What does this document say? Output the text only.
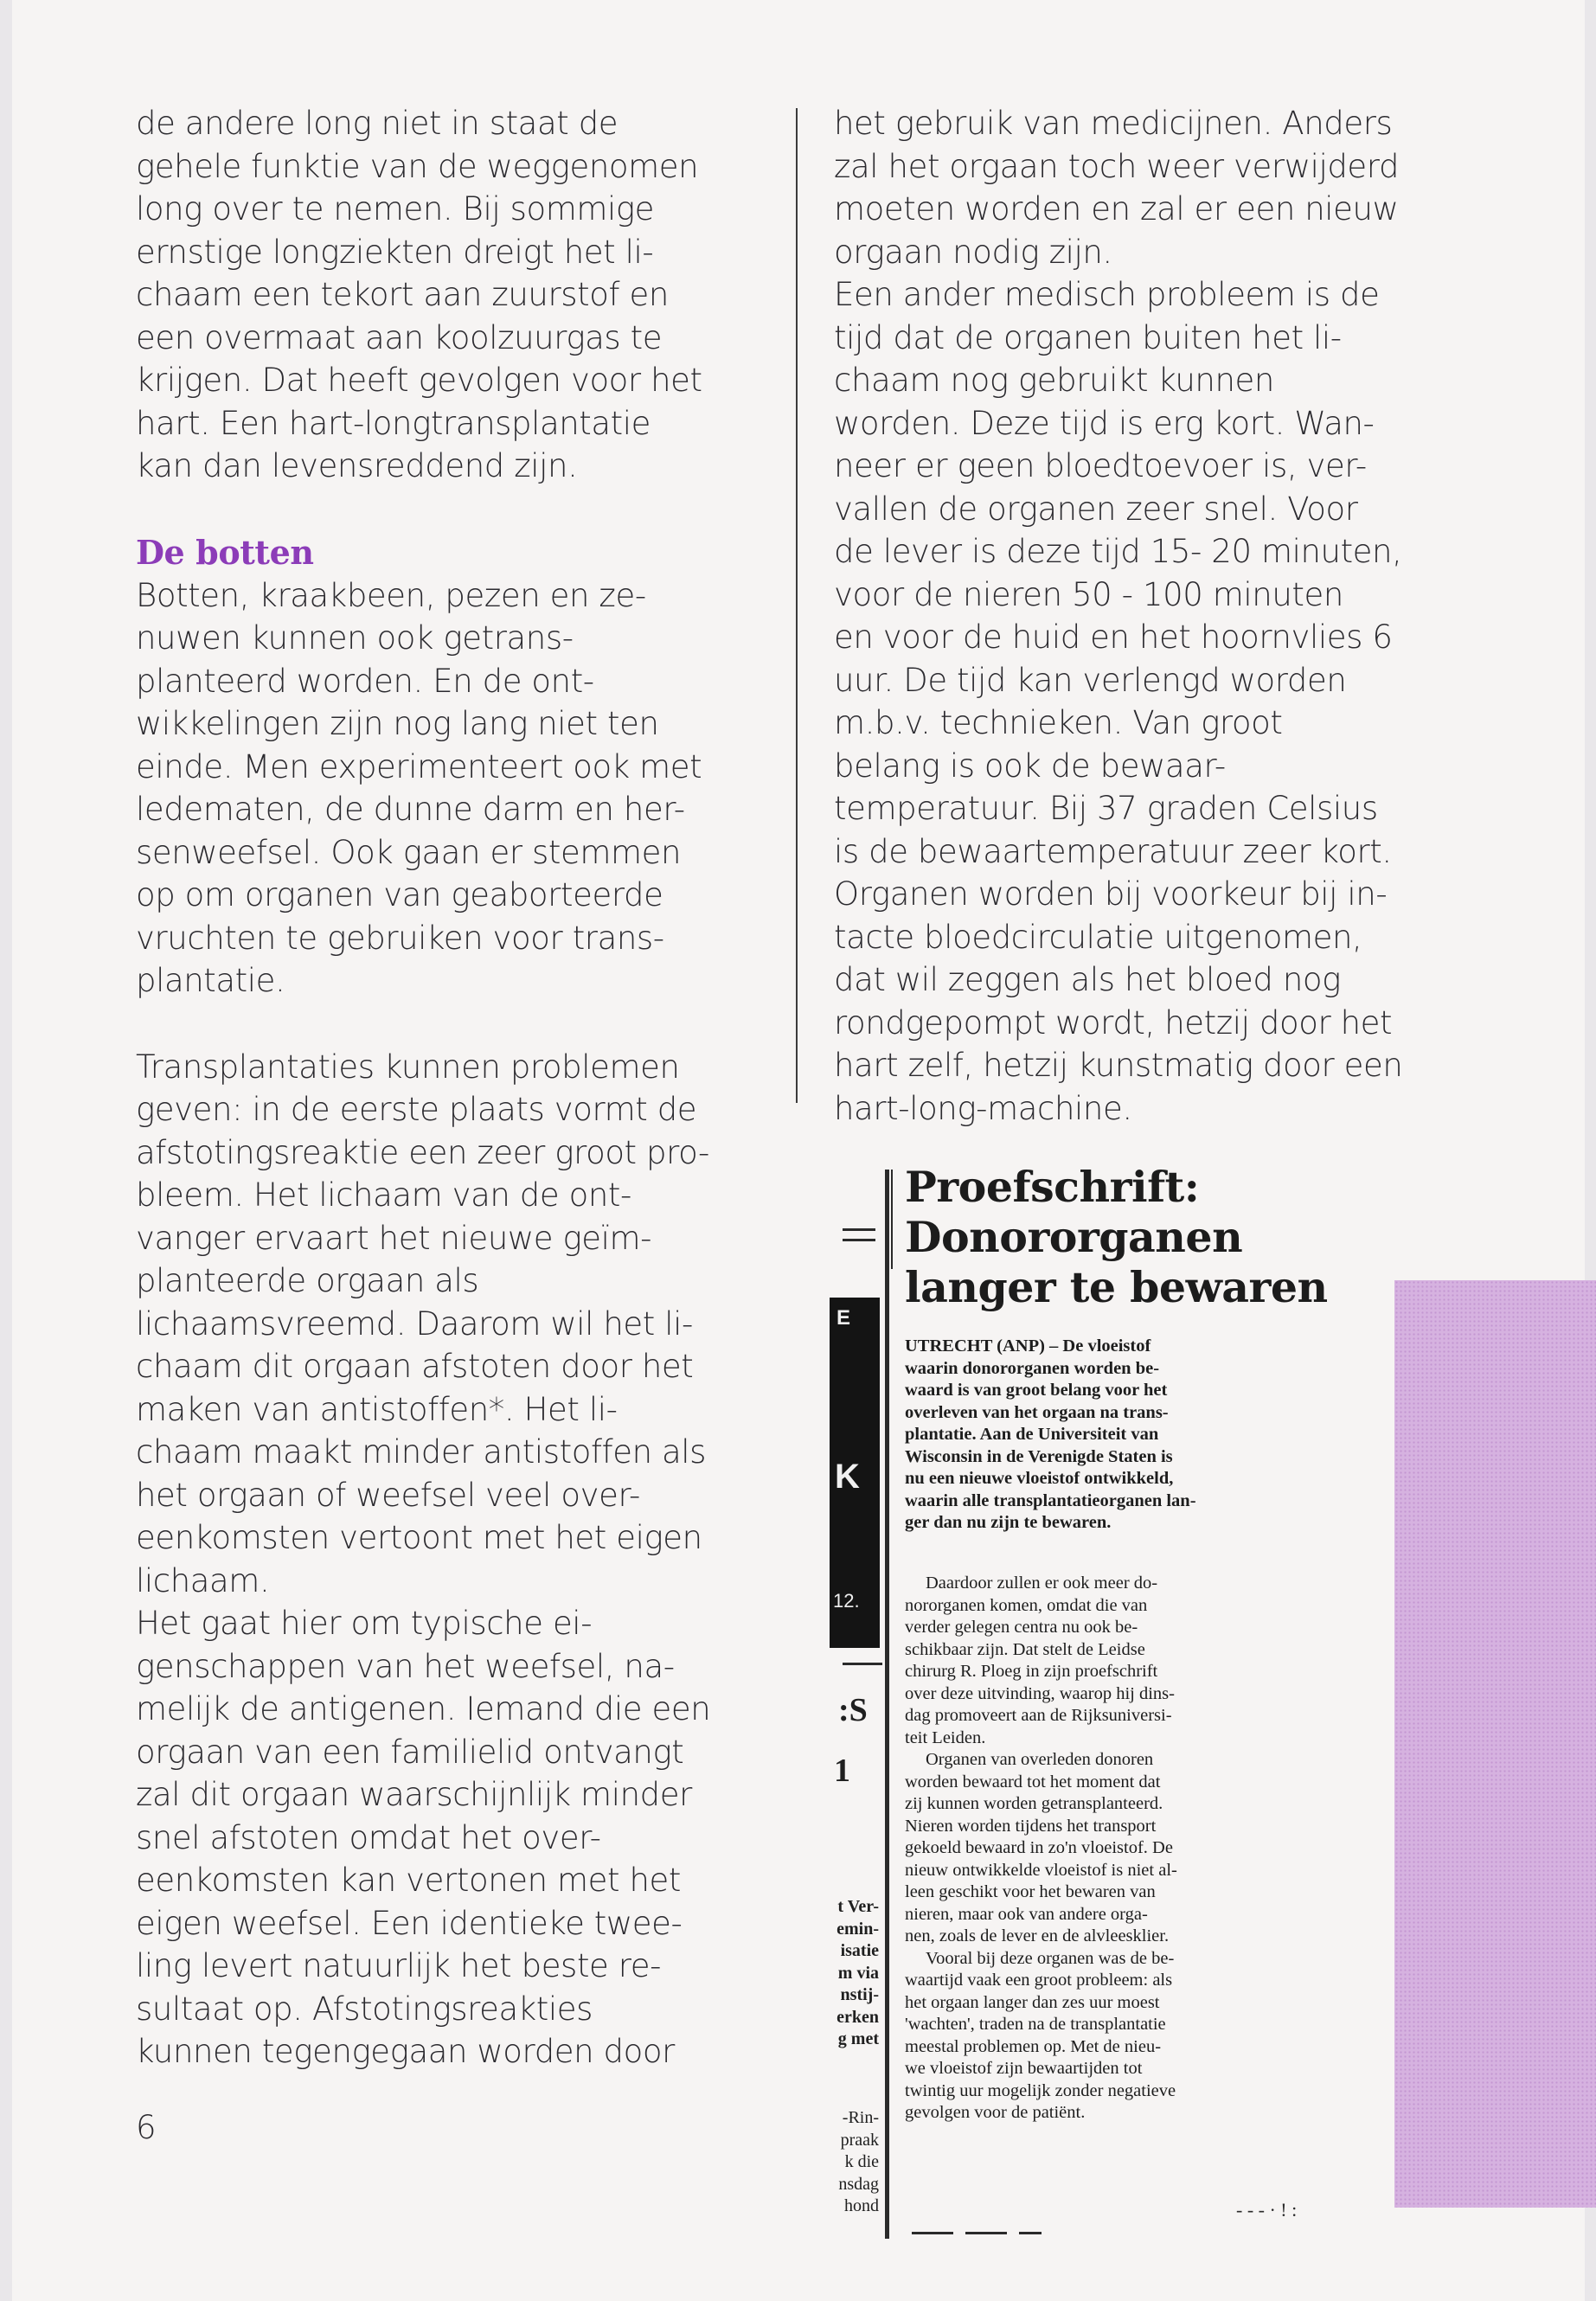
de andere long niet in staat de
gehele funktie van de weggenomen
long over te nemen. Bij sommige
ernstige longziekten dreigt het li-
chaam een tekort aan zuurstof en
een overmaat aan koolzuurgas te
krijgen. Dat heeft gevolgen voor het
hart. Een hart-longtransplantatie
kan dan levensreddend zijn.

De botten

Botten, kraakbeen, pezen en ze-
nuwen kunnen ook getrans-
planteerd worden. En de ont-
wikkelingen zijn nog lang niet ten
einde. Men experimenteert ook met
ledematen, de dunne darm en her-
senweefsel. Ook gaan er stemmen
op om organen van geaborteerde
vruchten te gebruiken voor trans-
plantatie.

Transplantaties kunnen problemen
geven: in de eerste plaats vormt de
afstotingsreaktie een zeer groot pro-
bleem. Het lichaam van de ont-
vanger ervaart het nieuwe geïm-
planteerde orgaan als
lichaamsvreemd. Daarom wil het li-
chaam dit orgaan afstoten door het
maken van antistoffen*. Het li-
chaam maakt minder antistoffen als
het orgaan of weefsel veel over-
eenkomsten vertoont met het eigen
lichaam.

Het gaat hier om typische ei-
genschappen van het weefsel, na-
melijk de antigenen. Iemand die een
orgaan van een familielid ontvangt
zal dit orgaan waarschijnlijk minder
snel afstoten omdat het over-
eenkomsten kan vertonen met het
eigen weefsel. Een identieke twee-
ling levert natuurlijk het beste re-
sultaat op. Afstotingsreakties
kunnen tegengegaan worden door

het gebruik van medicijnen. Anders
zal het orgaan toch weer verwijderd
moeten worden en zal er een nieuw
orgaan nodig zijn.

Een ander medisch probleem is de
tijd dat de organen buiten het li-
chaam nog gebruikt kunnen
worden. Deze tijd is erg kort. Wan-
neer er geen bloedtoevoer is, ver-
vallen de organen zeer snel. Voor
de lever is deze tijd 15- 20 minuten,
voor de nieren 50 - 100 minuten
en voor de huid en het hoornvlies 6
uur. De tijd kan verlengd worden
m.b.v. technieken. Van groot
belang is ook de bewaar-
temperatuur. Bij 37 graden Celsius
is de bewaartemperatuur zeer kort.
Organen worden bij voorkeur bij in-
tacte bloedcirculatie uitgenomen,
dat wil zeggen als het bloed nog
rondgepompt wordt, hetzij door het
hart zelf, hetzij kunstmatig door een
hart-long-machine.

6
E
K
12.
:S
1
t Ver-
emin-
isatie
m via
nstij-
erken
g met
-Rin-
praak
k die
nsdag
hond
Proefschrift:
Donororganen
langer te bewaren
UTRECHT (ANP) – De vloeistof
waarin donororganen worden be-
waard is van groot belang voor het
overleven van het orgaan na trans-
plantatie. Aan de Universiteit van
Wisconsin in de Verenigde Staten is
nu een nieuwe vloeistof ontwikkeld,
waarin alle transplantatieorganen lan-
ger dan nu zijn te bewaren.

Daardoor zullen er ook meer do-
nororganen komen, omdat die van
verder gelegen centra nu ook be-
schikbaar zijn. Dat stelt de Leidse
chirurg R. Ploeg in zijn proefschrift
over deze uitvinding, waarop hij dins-
dag promoveert aan de Rijksuniversi-
teit Leiden.

Organen van overleden donoren
worden bewaard tot het moment dat
zij kunnen worden getransplanteerd.
Nieren worden tijdens het transport
gekoeld bewaard in zo'n vloeistof. De
nieuw ontwikkelde vloeistof is niet al-
leen geschikt voor het bewaren van
nieren, maar ook van andere orga-
nen, zoals de lever en de alvleesklier.

Vooral bij deze organen was de be-
waartijd vaak een groot probleem: als
het orgaan langer dan zes uur moest
'wachten', traden na de transplantatie
meestal problemen op. Met de nieu-
we vloeistof zijn bewaartijden tot
twintig uur mogelijk zonder negatieve
gevolgen voor de patiënt.

- - - · ! :
